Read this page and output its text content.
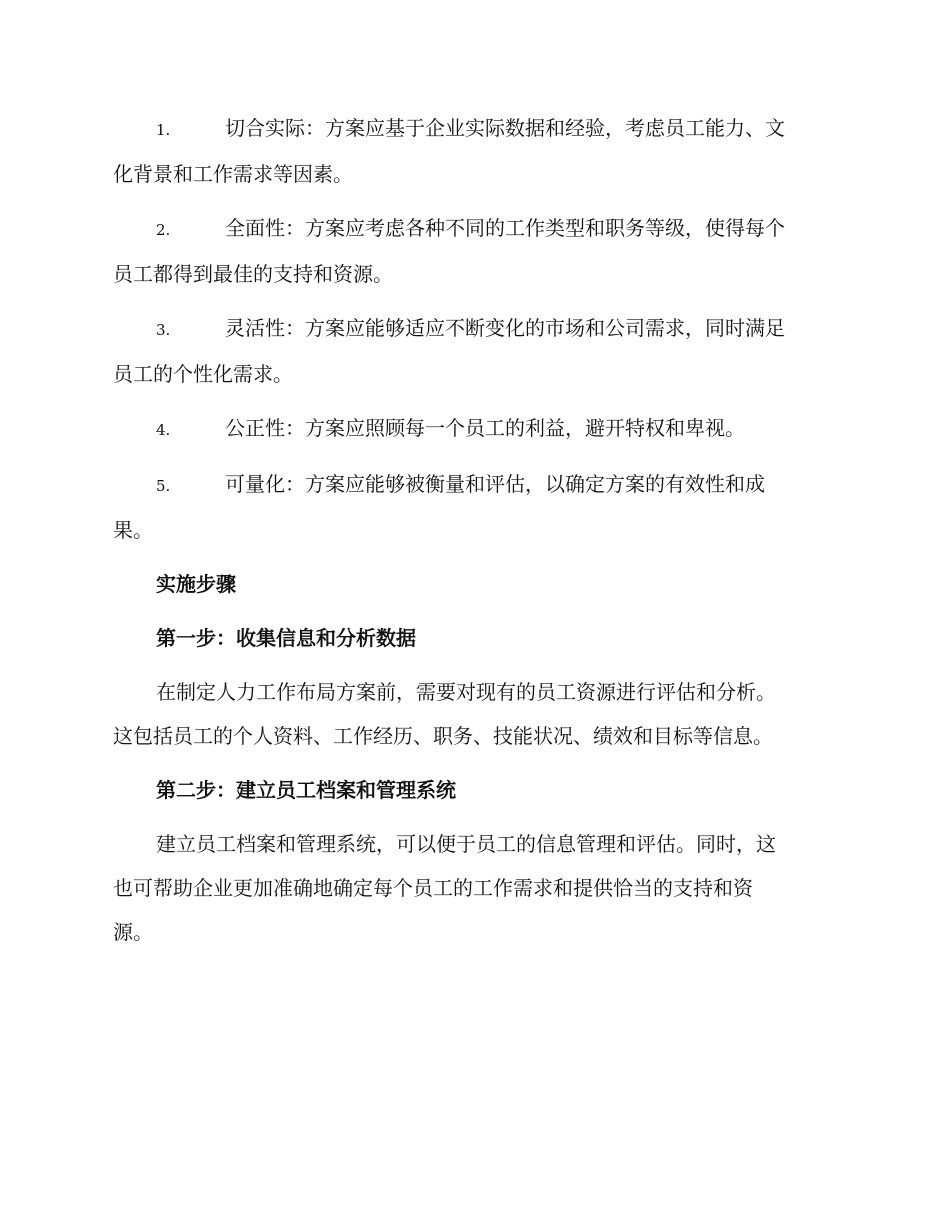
1.	切合实际：方案应基于企业实际数据和经验，考虑员工能力、文
化背景和工作需求等因素。
2.	全面性：方案应考虑各种不同的工作类型和职务等级，使得每个
员工都得到最佳的支持和资源。
3.	灵活性：方案应能够适应不断变化的市场和公司需求，同时满足
员工的个性化需求。
4.	公正性：方案应照顾每一个员工的利益，避开特权和卑视。
5.	可量化：方案应能够被衡量和评估，以确定方案的有效性和成
果。
实施步骤
第一步：收集信息和分析数据
在制定人力工作布局方案前，需要对现有的员工资源进行评估和分析。
这包括员工的个人资料、工作经历、职务、技能状况、绩效和目标等信息。
第二步：建立员工档案和管理系统
建立员工档案和管理系统，可以便于员工的信息管理和评估。同时，这
也可帮助企业更加准确地确定每个员工的工作需求和提供恰当的支持和资
源。
